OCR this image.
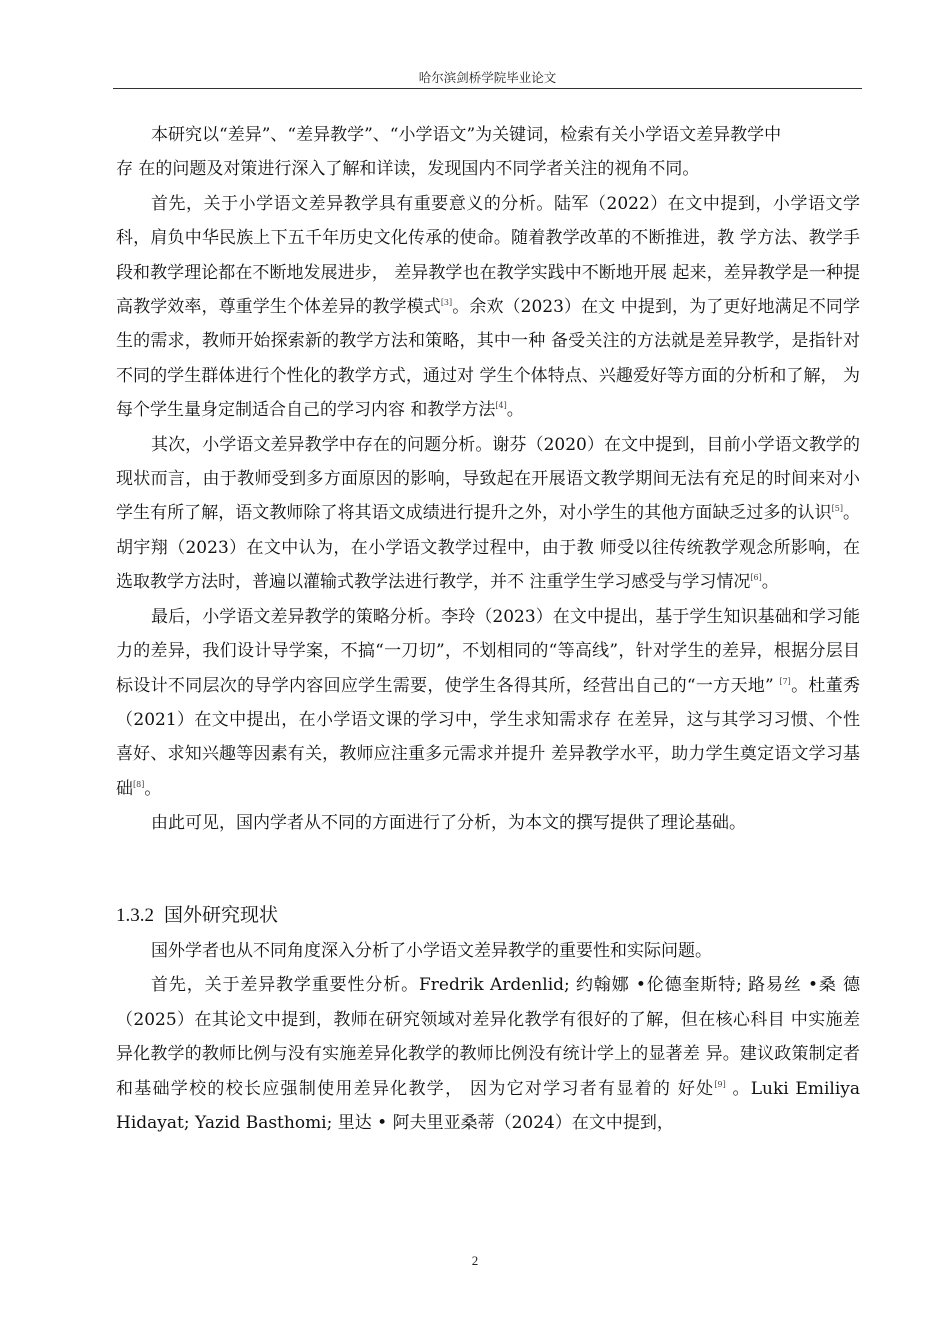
哈尔滨剑桥学院毕业论文

本研究以“差异”、“差异教学”、“小学语文”为关键词，检索有关小学语文差异教学中

存 在的问题及对策进行深入了解和详读，发现国内不同学者关注的视角不同。

首先，关于小学语文差异教学具有重要意义的分析。陆军（2022）在文中提到，小学语文学科，肩负中华民族上下五千年历史文化传承的使命。随着教学改革的不断推进，教 学方法、教学手段和教学理论都在不断地发展进步， 差异教学也在教学实践中不断地开展 起来，差异教学是一种提高教学效率，尊重学生个体差异的教学模式[3]。余欢（2023）在文 中提到，为了更好地满足不同学生的需求，教师开始探索新的教学方法和策略，其中一种 备受关注的方法就是差异教学，是指针对不同的学生群体进行个性化的教学方式，通过对 学生个体特点、兴趣爱好等方面的分析和了解， 为每个学生量身定制适合自己的学习内容 和教学方法[4]。

其次，小学语文差异教学中存在的问题分析。谢芬（2020）在文中提到，目前小学语文教学的现状而言，由于教师受到多方面原因的影响，导致起在开展语文教学期间无法有充足的时间来对小学生有所了解，语文教师除了将其语文成绩进行提升之外，对小学生的其他方面缺乏过多的认识[5]。胡宇翔（2023）在文中认为，在小学语文教学过程中，由于教 师受以往传统教学观念所影响，在选取教学方法时，普遍以灌输式教学法进行教学，并不 注重学生学习感受与学习情况[6]。

最后，小学语文差异教学的策略分析。李玲（2023）在文中提出，基于学生知识基础和学习能力的差异，我们设计导学案，不搞“一刀切”，不划相同的“等高线”，针对学生的差异，根据分层目标设计不同层次的导学内容回应学生需要，使学生各得其所，经营出自己的“一方天地” [7]。杜董秀（2021）在文中提出，在小学语文课的学习中，学生求知需求存 在差异，这与其学习习惯、个性喜好、求知兴趣等因素有关，教师应注重多元需求并提升 差异教学水平，助力学生奠定语文学习基础[8]。

由此可见，国内学者从不同的方面进行了分析，为本文的撰写提供了理论基础。

1.3.2 国外研究现状

国外学者也从不同角度深入分析了小学语文差异教学的重要性和实际问题。

首先，关于差异教学重要性分析。Fredrik Ardenlid; 约翰娜 •伦德奎斯特; 路易丝 •桑 德（2025）在其论文中提到，教师在研究领域对差异化教学有很好的了解，但在核心科目 中实施差异化教学的教师比例与没有实施差异化教学的教师比例没有统计学上的显著差 异。建议政策制定者和基础学校的校长应强制使用差异化教学， 因为它对学习者有显着的 好处[9] 。Luki Emiliya Hidayat; Yazid Basthomi; 里达 • 阿夫里亚桑蒂（2024）在文中提到，

2
